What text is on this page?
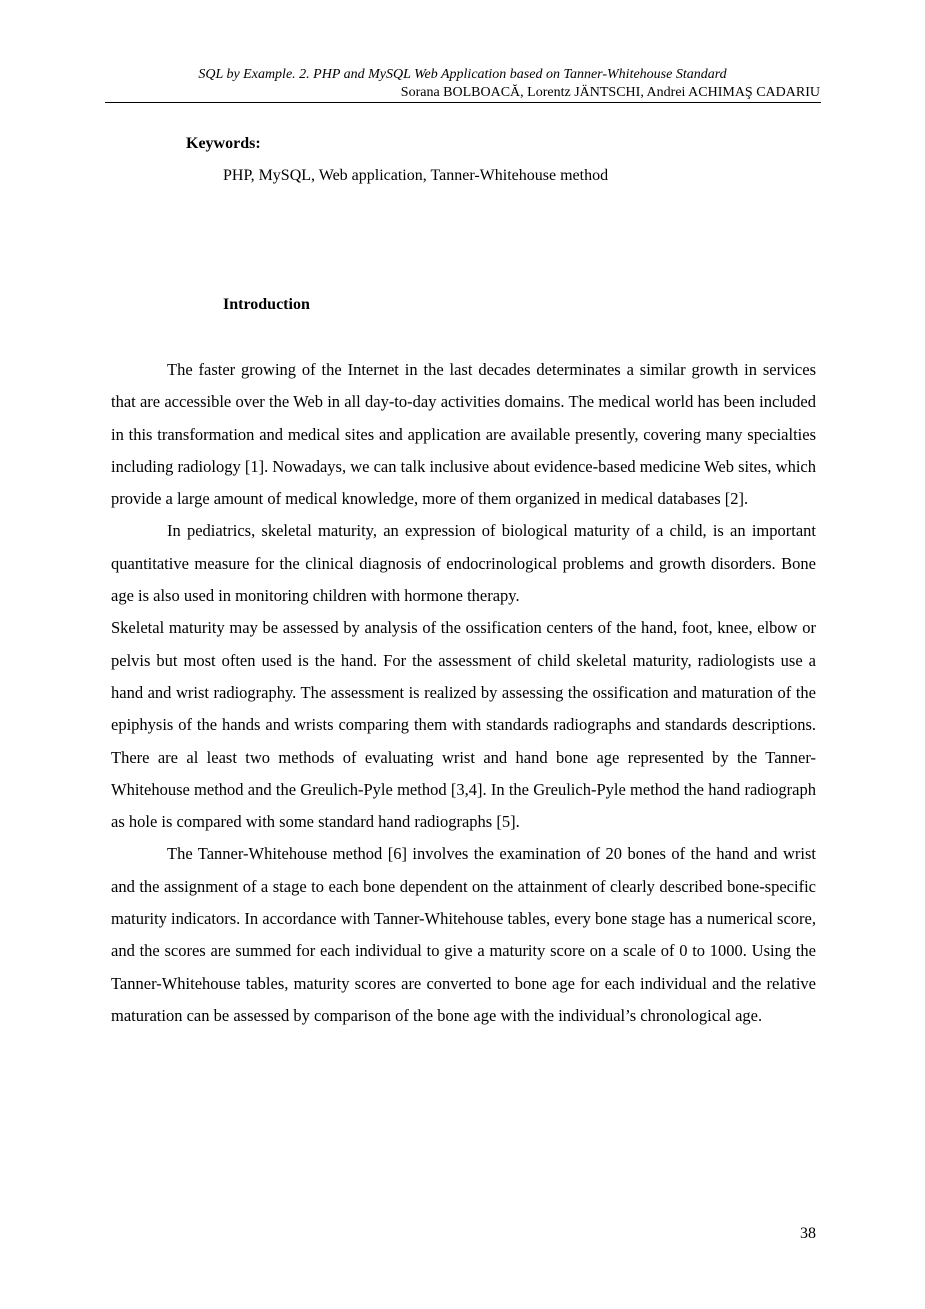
SQL by Example. 2. PHP and MySQL Web Application based on Tanner-Whitehouse Standard
Sorana BOLBOACĂ, Lorentz JÄNTSCHI, Andrei ACHIMAŞ CADARIU
Keywords:
PHP, MySQL, Web application, Tanner-Whitehouse method
Introduction

The faster growing of the Internet in the last decades determinates a similar growth in services that are accessible over the Web in all day-to-day activities domains. The medical world has been included in this transformation and medical sites and application are available presently, covering many specialties including radiology [1]. Nowadays, we can talk inclusive about evidence-based medicine Web sites, which provide a large amount of medical knowledge, more of them organized in medical databases [2].

In pediatrics, skeletal maturity, an expression of biological maturity of a child, is an important quantitative measure for the clinical diagnosis of endocrinological problems and growth disorders. Bone age is also used in monitoring children with hormone therapy.

Skeletal maturity may be assessed by analysis of the ossification centers of the hand, foot, knee, elbow or pelvis but most often used is the hand. For the assessment of child skeletal maturity, radiologists use a hand and wrist radiography. The assessment is realized by assessing the ossification and maturation of the epiphysis of the hands and wrists comparing them with standards radiographs and standards descriptions. There are al least two methods of evaluating wrist and hand bone age represented by the Tanner-Whitehouse method and the Greulich-Pyle method [3,4]. In the Greulich-Pyle method the hand radiograph as hole is compared with some standard hand radiographs [5].

The Tanner-Whitehouse method [6] involves the examination of 20 bones of the hand and wrist and the assignment of a stage to each bone dependent on the attainment of clearly described bone-specific maturity indicators. In accordance with Tanner-Whitehouse tables, every bone stage has a numerical score, and the scores are summed for each individual to give a maturity score on a scale of 0 to 1000. Using the Tanner-Whitehouse tables, maturity scores are converted to bone age for each individual and the relative maturation can be assessed by comparison of the bone age with the individual’s chronological age.

38
